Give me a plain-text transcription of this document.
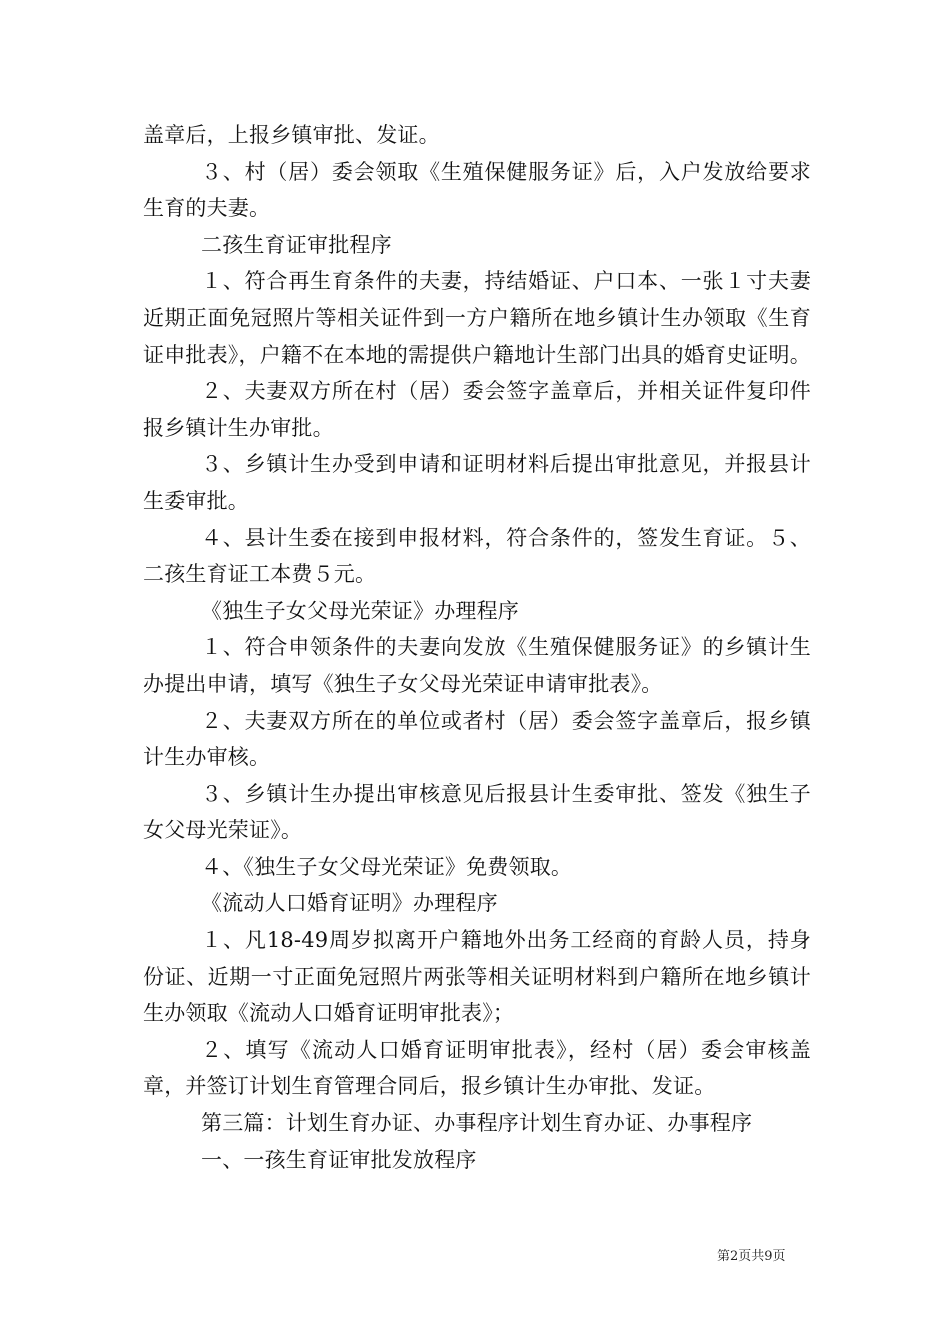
盖章后，上报乡镇审批、发证。

３、村（居）委会领取《生殖保健服务证》后，入户发放给要求生育的夫妻。

二孩生育证审批程序

１、符合再生育条件的夫妻，持结婚证、户口本、一张１寸夫妻近期正面免冠照片等相关证件到一方户籍所在地乡镇计生办领取《生育证申批表》，户籍不在本地的需提供户籍地计生部门出具的婚育史证明。

２、夫妻双方所在村（居）委会签字盖章后，并相关证件复印件报乡镇计生办审批。

３、乡镇计生办受到申请和证明材料后提出审批意见，并报县计生委审批。

４、县计生委在接到申报材料，符合条件的，签发生育证。５、二孩生育证工本费５元。

《独生子女父母光荣证》办理程序

１、符合申领条件的夫妻向发放《生殖保健服务证》的乡镇计生办提出申请，填写《独生子女父母光荣证申请审批表》。

２、夫妻双方所在的单位或者村（居）委会签字盖章后，报乡镇计生办审核。

３、乡镇计生办提出审核意见后报县计生委审批、签发《独生子女父母光荣证》。

４、《独生子女父母光荣证》免费领取。

《流动人口婚育证明》办理程序

１、凡18-49周岁拟离开户籍地外出务工经商的育龄人员，持身份证、近期一寸正面免冠照片两张等相关证明材料到户籍所在地乡镇计生办领取《流动人口婚育证明审批表》；

２、填写《流动人口婚育证明审批表》，经村（居）委会审核盖章，并签订计划生育管理合同后，报乡镇计生办审批、发证。

第三篇：计划生育办证、办事程序计划生育办证、办事程序

一、一孩生育证审批发放程序

第2页共9页
